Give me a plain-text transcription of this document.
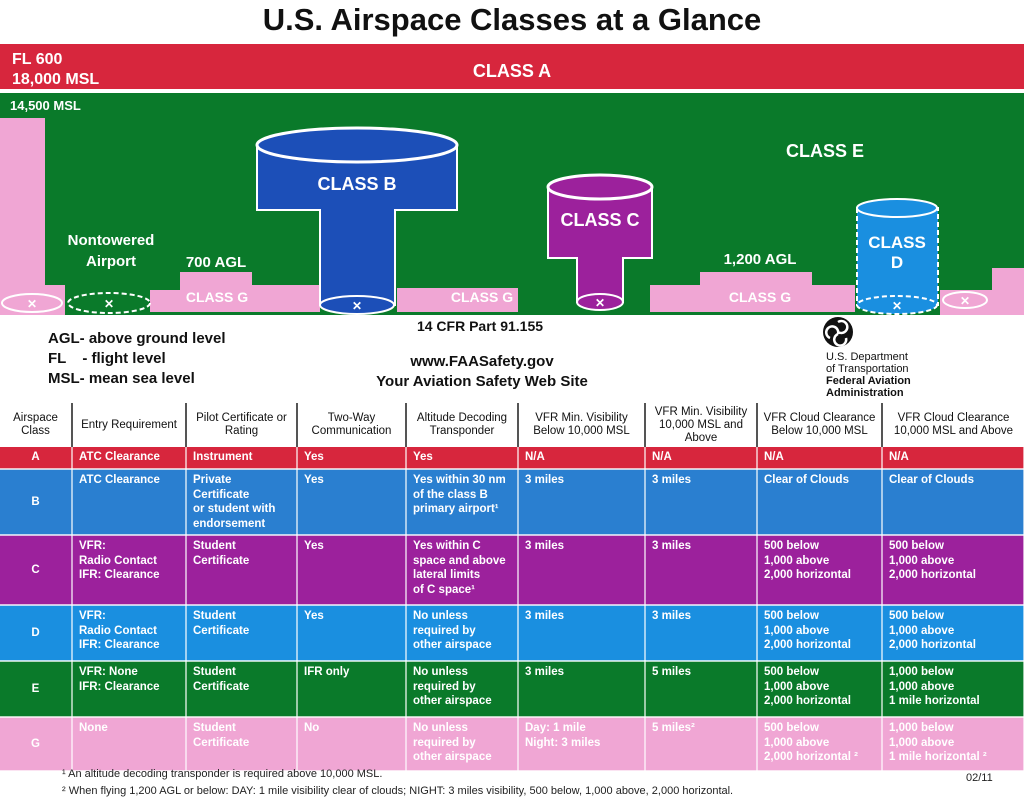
U.S. Airspace Classes at a Glance
FL 600
18,000 MSL	CLASS A
14,500 MSL
CLASS E
✕	✕
Nontowered
Airport	700 AGL
CLASS G	CLASS G	CLASS G
1,200 AGL
✕
CLASS B
✕
CLASS C
✕
CLASS
D
✕
14 CFR Part 91.155
www.FAASafety.gov
Your Aviation Safety Web Site
U.S. Department
of Transportation
Federal Aviation
Administration
AGL- above ground level
FL - flight level
MSL- mean sea level
Airspace Class	Entry Requirement	Pilot Certificate or Rating	Two-Way Communication	Altitude Decoding Transponder	VFR Min. Visibility Below 10,000 MSL	VFR Min. Visibility 10,000 MSL and Above	VFR Cloud Clearance Below 10,000 MSL	VFR Cloud Clearance 10,000 MSL and Above
A	ATC Clearance	Instrument	Yes	Yes	N/A	N/A	N/A	N/A
B	ATC Clearance	Private Certificate
or student with
endorsement	Yes	Yes within 30 nm
of the class B
primary airport¹	3 miles	3 miles	Clear of Clouds	Clear of Clouds
C	VFR:
Radio Contact
IFR: Clearance	Student
Certificate	Yes	Yes within C
space and above
lateral limits
of C space¹	3 miles	3 miles	500 below
1,000 above
2,000 horizontal	500 below
1,000 above
2,000 horizontal
D	VFR:
Radio Contact
IFR: Clearance	Student
Certificate	Yes	No unless
required by
other airspace	3 miles	3 miles	500 below
1,000 above
2,000 horizontal	500 below
1,000 above
2,000 horizontal
E	VFR: None
IFR: Clearance	Student
Certificate	IFR only	No unless
required by
other airspace	3 miles	5 miles	500 below
1,000 above
2,000 horizontal	1,000 below
1,000 above
1 mile horizontal
G	None	Student
Certificate	No	No unless
required by
other airspace	Day: 1 mile
Night: 3 miles	5 miles²	500 below
1,000 above
2,000 horizontal ²	1,000 below
1,000 above
1 mile horizontal ²
¹ An altitude decoding transponder is required above 10,000 MSL.
² When flying 1,200 AGL or below: DAY: 1 mile visibility clear of clouds; NIGHT: 3 miles visibility, 500 below, 1,000 above, 2,000 horizontal.
02/11
